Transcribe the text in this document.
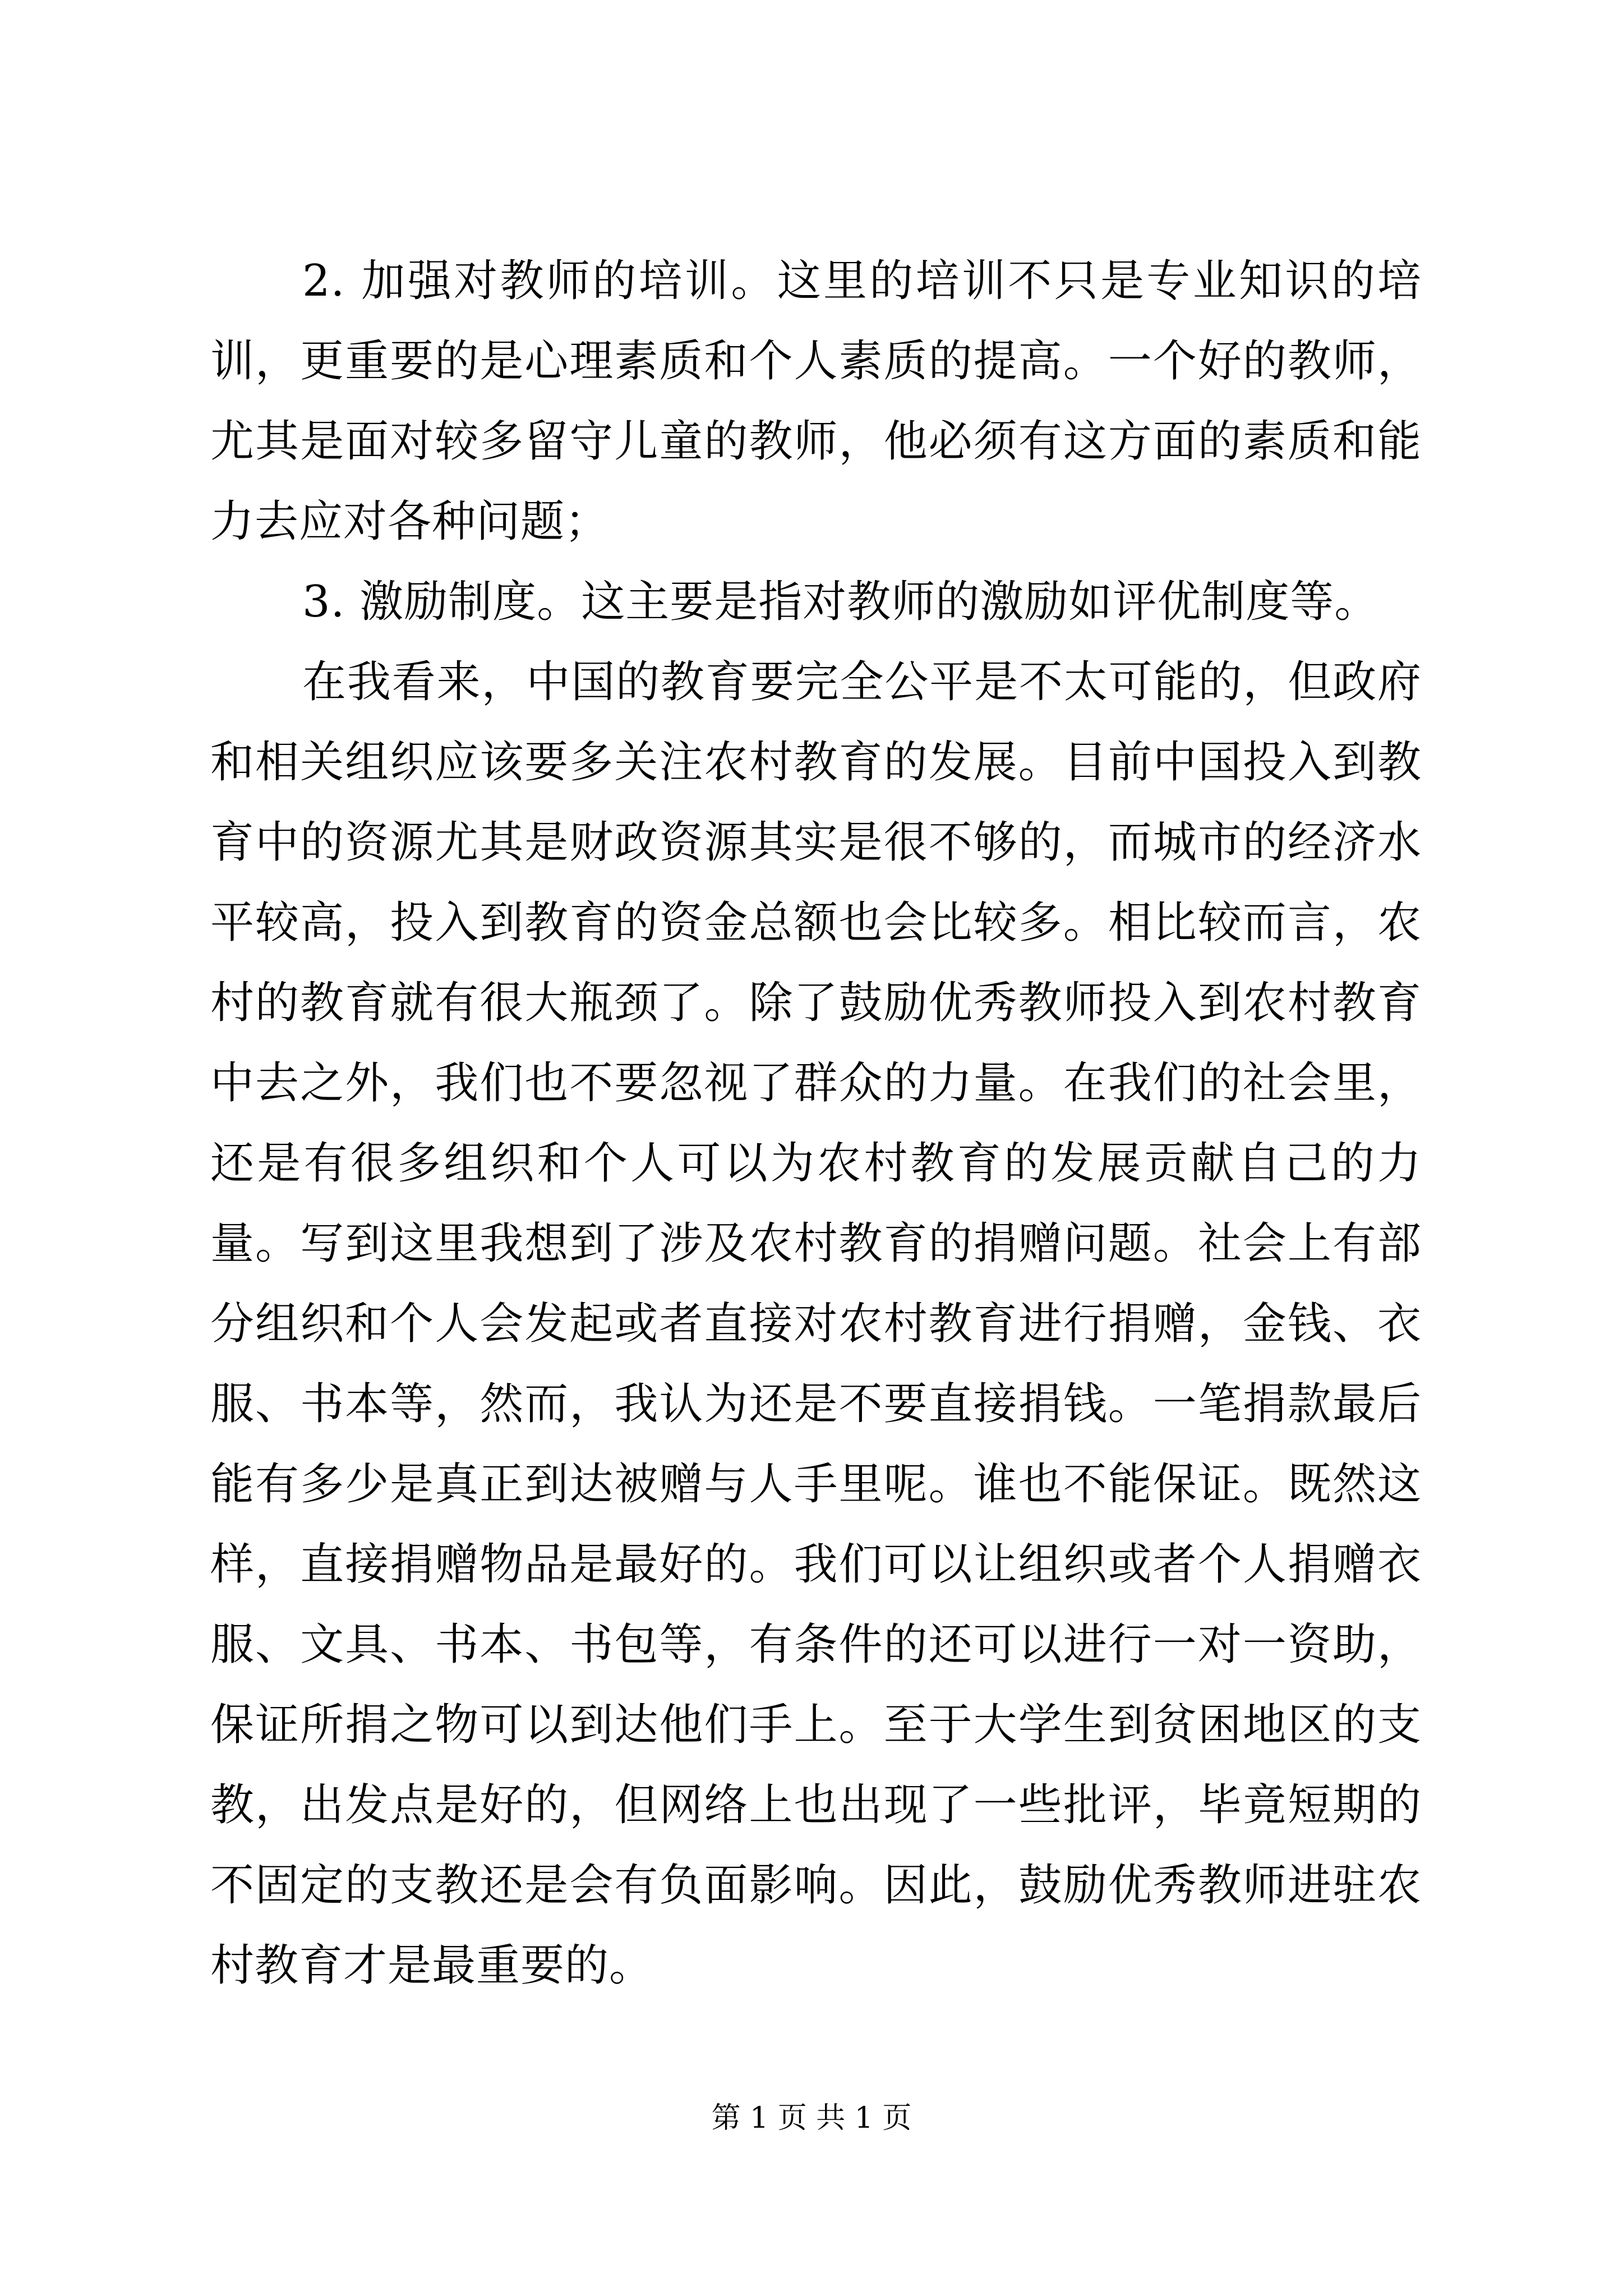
2. 加强对教师的培训。这里的培训不只是专业知识的培训，更重要的是心理素质和个人素质的提高。一个好的教师，尤其是面对较多留守儿童的教师，他必须有这方面的素质和能力去应对各种问题；

3. 激励制度。这主要是指对教师的激励如评优制度等。

在我看来，中国的教育要完全公平是不太可能的，但政府和相关组织应该要多关注农村教育的发展。目前中国投入到教育中的资源尤其是财政资源其实是很不够的，而城市的经济水平较高，投入到教育的资金总额也会比较多。相比较而言，农村的教育就有很大瓶颈了。除了鼓励优秀教师投入到农村教育中去之外，我们也不要忽视了群众的力量。在我们的社会里，还是有很多组织和个人可以为农村教育的发展贡献自己的力量。写到这里我想到了涉及农村教育的捐赠问题。社会上有部分组织和个人会发起或者直接对农村教育进行捐赠，金钱、衣服、书本等，然而，我认为还是不要直接捐钱。一笔捐款最后能有多少是真正到达被赠与人手里呢。谁也不能保证。既然这样，直接捐赠物品是最好的。我们可以让组织或者个人捐赠衣服、文具、书本、书包等，有条件的还可以进行一对一资助，保证所捐之物可以到达他们手上。至于大学生到贫困地区的支教，出发点是好的，但网络上也出现了一些批评，毕竟短期的不固定的支教还是会有负面影响。因此，鼓励优秀教师进驻农村教育才是最重要的。

第 1 页 共 1 页
